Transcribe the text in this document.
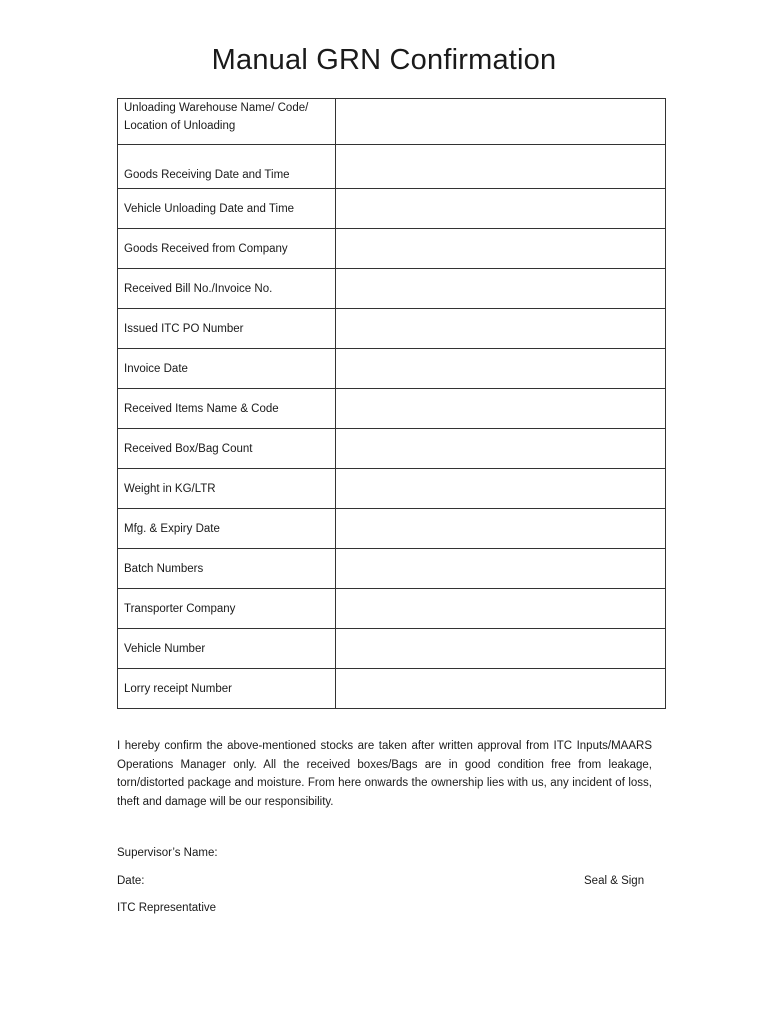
Manual GRN Confirmation
Unloading Warehouse Name/ Code/
Location of Unloading	
Goods Receiving Date and Time	
Vehicle Unloading Date and Time	
Goods Received from Company	
Received Bill No./Invoice No.	
Issued ITC PO Number	
Invoice Date	
Received Items Name & Code	
Received Box/Bag Count	
Weight in KG/LTR	
Mfg. & Expiry Date	
Batch Numbers	
Transporter Company	
Vehicle Number	
Lorry receipt Number	
I hereby confirm the above-mentioned stocks are taken after written approval from ITC Inputs/MAARS Operations Manager only. All the received boxes/Bags are in good condition free from leakage, torn/distorted package and moisture. From here onwards the ownership lies with us, any incident of loss, theft and damage will be our responsibility.
Supervisor’s Name:
Date:	Seal & Sign
ITC Representative
